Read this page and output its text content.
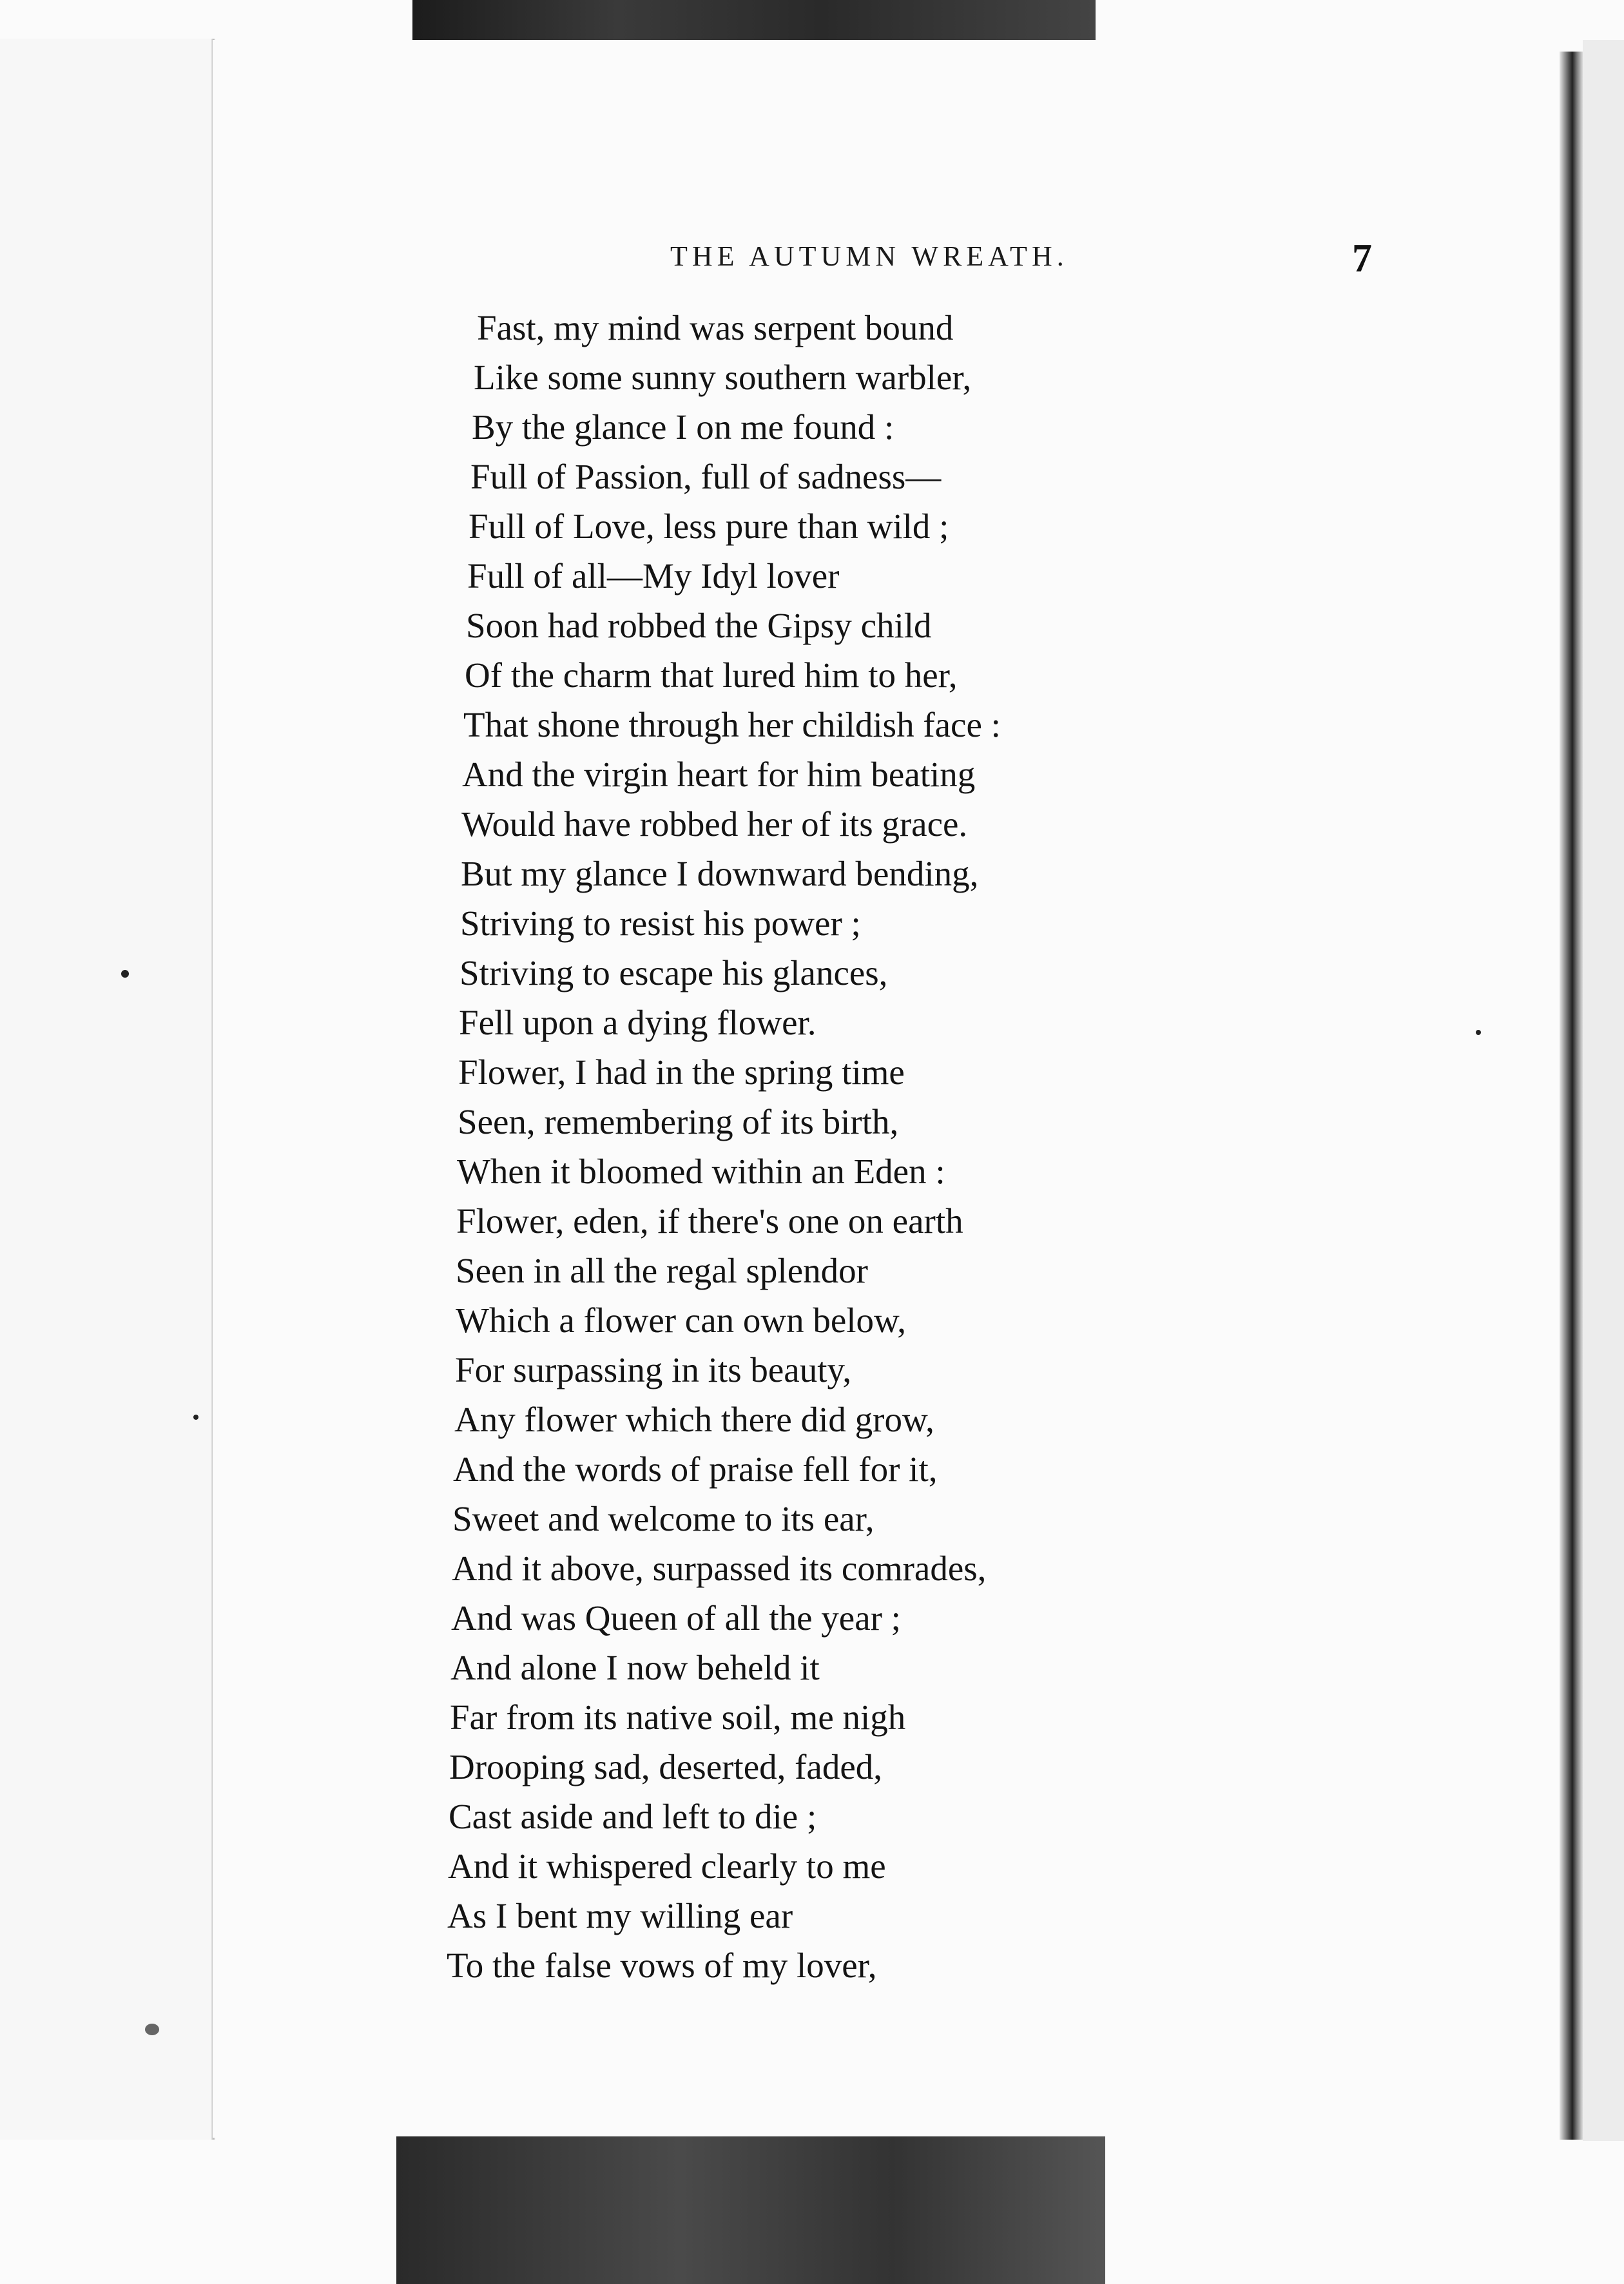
THE AUTUMN WREATH.	7
Fast, my mind was serpent bound
Like some sunny southern warbler,
By the glance I on me found :
Full of Passion, full of sadness—
Full of Love, less pure than wild ;
Full of all—My Idyl lover
Soon had robbed the Gipsy child
Of the charm that lured him to her,
That shone through her childish face :
And the virgin heart for him beating
Would have robbed her of its grace.
But my glance I downward bending,
Striving to resist his power ;
Striving to escape his glances,
Fell upon a dying flower.
Flower, I had in the spring time
Seen, remembering of its birth,
When it bloomed within an Eden :
Flower, eden, if there's one on earth
Seen in all the regal splendor
Which a flower can own below,
For surpassing in its beauty,
Any flower which there did grow,
And the words of praise fell for it,
Sweet and welcome to its ear,
And it above, surpassed its comrades,
And was Queen of all the year ;
And alone I now beheld it
Far from its native soil, me nigh
Drooping sad, deserted, faded,
Cast aside and left to die ;
And it whispered clearly to me
As I bent my willing ear
To the false vows of my lover,
